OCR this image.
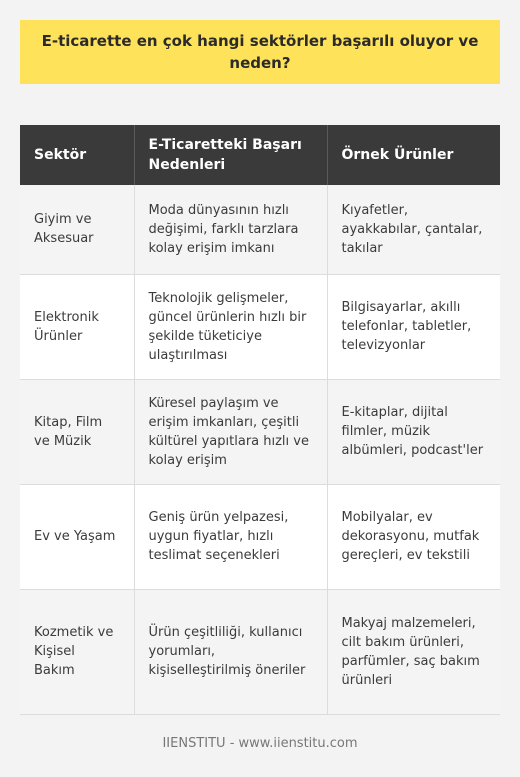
E-ticarette en çok hangi sektörler başarılı oluyor ve neden?
Sektör	E-Ticaretteki Başarı Nedenleri	Örnek Ürünler
Giyim ve Aksesuar	Moda dünyasının hızlı değişimi, farklı tarzlara kolay erişim imkanı	Kıyafetler, ayakkabılar, çantalar, takılar
Elektronik Ürünler	Teknolojik gelişmeler, güncel ürünlerin hızlı bir şekilde tüketiciye ulaştırılması	Bilgisayarlar, akıllı telefonlar, tabletler, televizyonlar
Kitap, Film ve Müzik	Küresel paylaşım ve erişim imkanları, çeşitli kültürel yapıtlara hızlı ve kolay erişim	E-kitaplar, dijital filmler, müzik albümleri, podcast'ler
Ev ve Yaşam	Geniş ürün yelpazesi, uygun fiyatlar, hızlı teslimat seçenekleri	Mobilyalar, ev dekorasyonu, mutfak gereçleri, ev tekstili
Kozmetik ve Kişisel Bakım	Ürün çeşitliliği, kullanıcı yorumları, kişiselleştirilmiş öneriler	Makyaj malzemeleri, cilt bakım ürünleri, parfümler, saç bakım ürünleri
IIENSTITU - www.iienstitu.com
